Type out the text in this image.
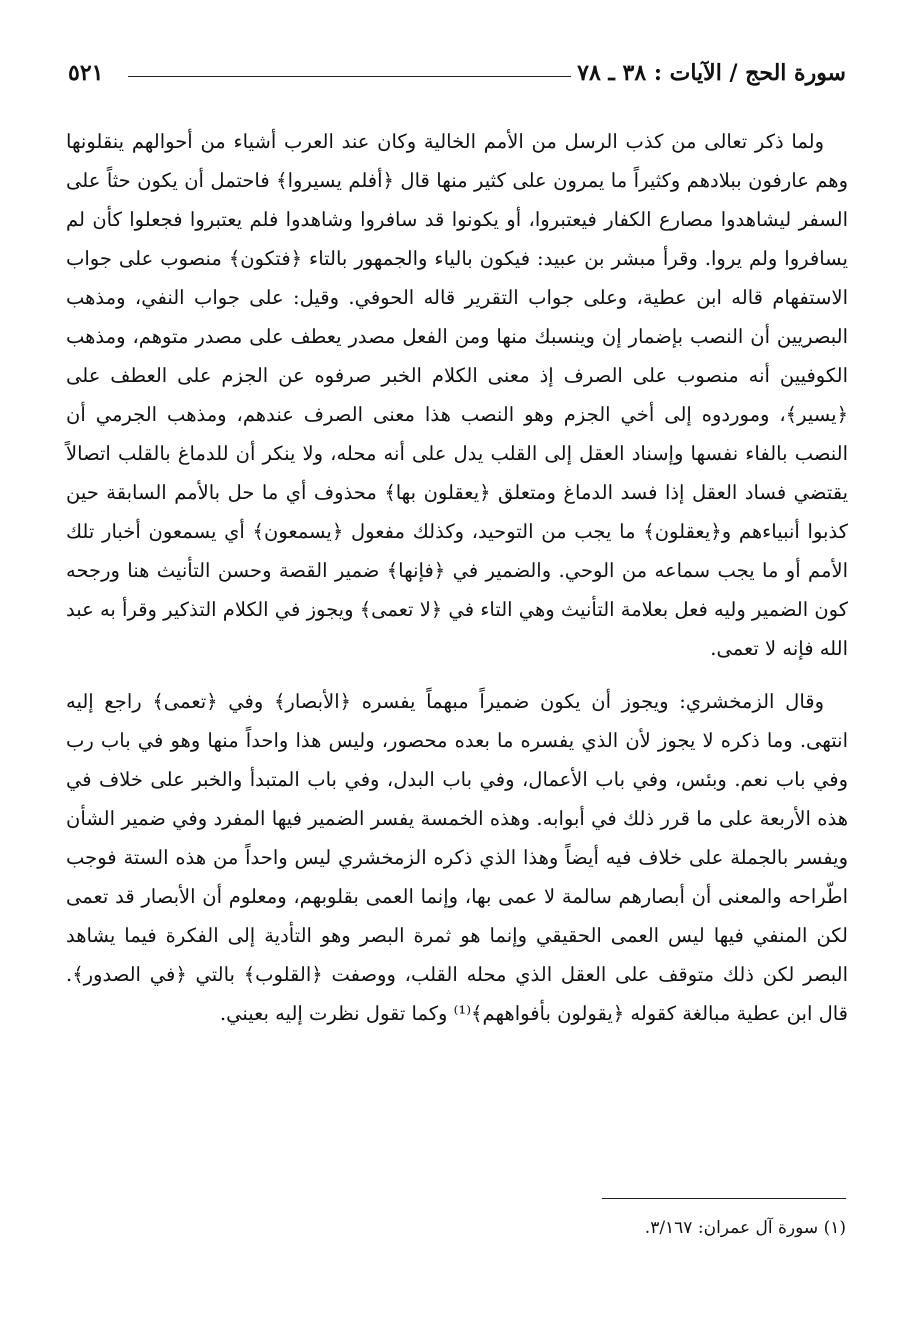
سورة الحج / الآيات : ٣٨ ـ ٧٨
٥٢١

ولما ذكر تعالى من كذب الرسل من الأمم الخالية وكان عند العرب أشياء من أحوالهم ينقلونها وهم عارفون ببلادهم وكثيراً ما يمرون على كثير منها قال ﴿أفلم يسيروا﴾ فاحتمل أن يكون حثاً على السفر ليشاهدوا مصارع الكفار فيعتبروا، أو يكونوا قد سافروا وشاهدوا فلم يعتبروا فجعلوا كأن لم يسافروا ولم يروا. وقرأ مبشر بن عبيد: فيكون بالياء والجمهور بالتاء ﴿فتكون﴾ منصوب على جواب الاستفهام قاله ابن عطية، وعلى جواب التقرير قاله الحوفي. وقيل: على جواب النفي، ومذهب البصريين أن النصب بإضمار إن وينسبك منها ومن الفعل مصدر يعطف على مصدر متوهم، ومذهب الكوفيين أنه منصوب على الصرف إذ معنى الكلام الخبر صرفوه عن الجزم على العطف على ﴿يسير﴾، وموردوه إلى أخي الجزم وهو النصب هذا معنى الصرف عندهم، ومذهب الجرمي أن النصب بالفاء نفسها وإسناد العقل إلى القلب يدل على أنه محله، ولا ينكر أن للدماغ بالقلب اتصالاً يقتضي فساد العقل إذا فسد الدماغ ومتعلق ﴿يعقلون بها﴾ محذوف أي ما حل بالأمم السابقة حين كذبوا أنبياءهم و﴿يعقلون﴾ ما يجب من التوحيد، وكذلك مفعول ﴿يسمعون﴾ أي يسمعون أخبار تلك الأمم أو ما يجب سماعه من الوحي. والضمير في ﴿فإنها﴾ ضمير القصة وحسن التأنيث هنا ورجحه كون الضمير وليه فعل بعلامة التأنيث وهي التاء في ﴿لا تعمى﴾ ويجوز في الكلام التذكير وقرأ به عبد الله فإنه لا تعمى.

وقال الزمخشري: ويجوز أن يكون ضميراً مبهماً يفسره ﴿الأبصار﴾ وفي ﴿تعمى﴾ راجع إليه انتهى. وما ذكره لا يجوز لأن الذي يفسره ما بعده محصور، وليس هذا واحداً منها وهو في باب رب وفي باب نعم. وبئس، وفي باب الأعمال، وفي باب البدل، وفي باب المتبدأ والخبر على خلاف في هذه الأربعة على ما قرر ذلك في أبوابه. وهذه الخمسة يفسر الضمير فيها المفرد وفي ضمير الشأن ويفسر بالجملة على خلاف فيه أيضاً وهذا الذي ذكره الزمخشري ليس واحداً من هذه الستة فوجب اطّراحه والمعنى أن أبصارهم سالمة لا عمى بها، وإنما العمى بقلوبهم، ومعلوم أن الأبصار قد تعمى لكن المنفي فيها ليس العمى الحقيقي وإنما هو ثمرة البصر وهو التأدية إلى الفكرة فيما يشاهد البصر لكن ذلك متوقف على العقل الذي محله القلب، ووصفت ﴿القلوب﴾ بالتي ﴿في الصدور﴾. قال ابن عطية مبالغة كقوله ﴿يقولون بأفواههم﴾⁽¹⁾ وكما تقول نظرت إليه بعيني.

(١) سورة آل عمران: ٣/١٦٧.
